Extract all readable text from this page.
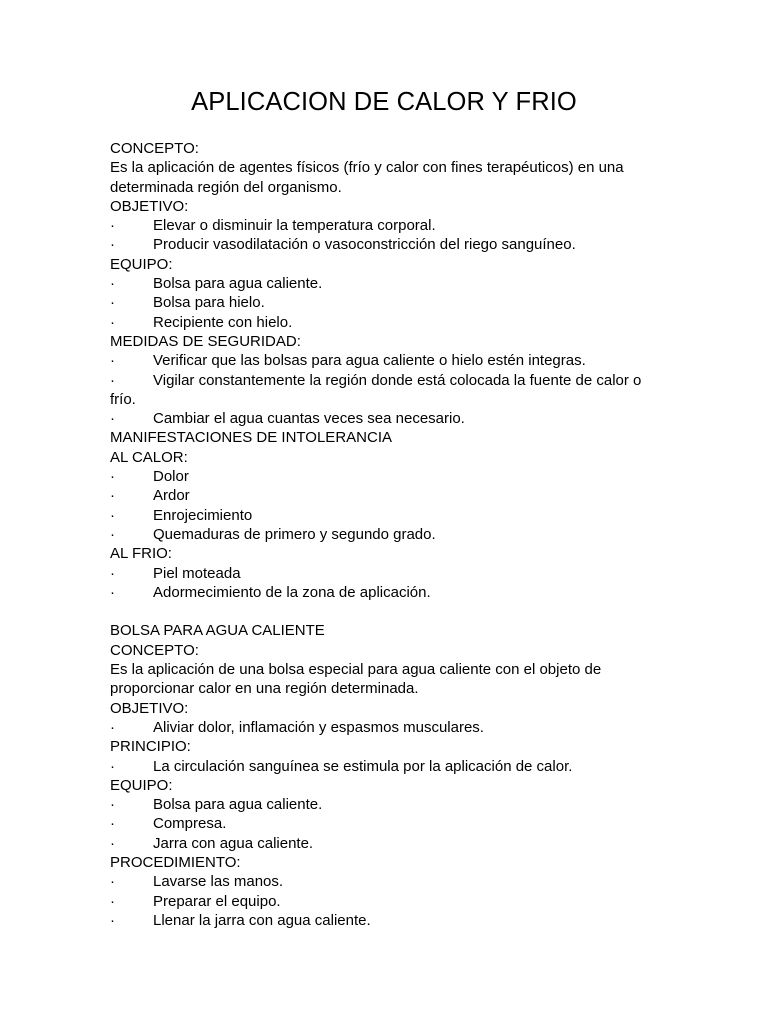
APLICACION DE CALOR Y FRIO
CONCEPTO:
Es la aplicación de agentes físicos (frío y calor con fines terapéuticos) en una determinada región del organismo.
OBJETIVO:
·	Elevar o disminuir la temperatura corporal.
·	Producir vasodilatación o vasoconstricción del riego sanguíneo.
EQUIPO:
·	Bolsa para agua caliente.
·	Bolsa para hielo.
·	Recipiente con hielo.
MEDIDAS DE SEGURIDAD:
·	Verificar que las bolsas para agua caliente o hielo estén integras.
·	Vigilar constantemente la región donde está colocada la fuente de calor o frío.
·	Cambiar el agua cuantas veces sea necesario.
MANIFESTACIONES DE INTOLERANCIA
AL CALOR:
·	Dolor
·	Ardor
·	Enrojecimiento
·	Quemaduras de primero y segundo grado.
AL FRIO:
·	Piel moteada
·	Adormecimiento de la zona de aplicación.
BOLSA PARA AGUA CALIENTE
CONCEPTO:
Es la aplicación de una bolsa especial para agua caliente con el objeto de proporcionar calor en una región determinada.
OBJETIVO:
·	Aliviar dolor, inflamación y espasmos musculares.
PRINCIPIO:
·	La circulación sanguínea se estimula por la aplicación de calor.
EQUIPO:
·	Bolsa para agua caliente.
·	Compresa.
·	Jarra con agua caliente.
PROCEDIMIENTO:
·	Lavarse las manos.
·	Preparar el equipo.
·	Llenar la jarra con agua caliente.
